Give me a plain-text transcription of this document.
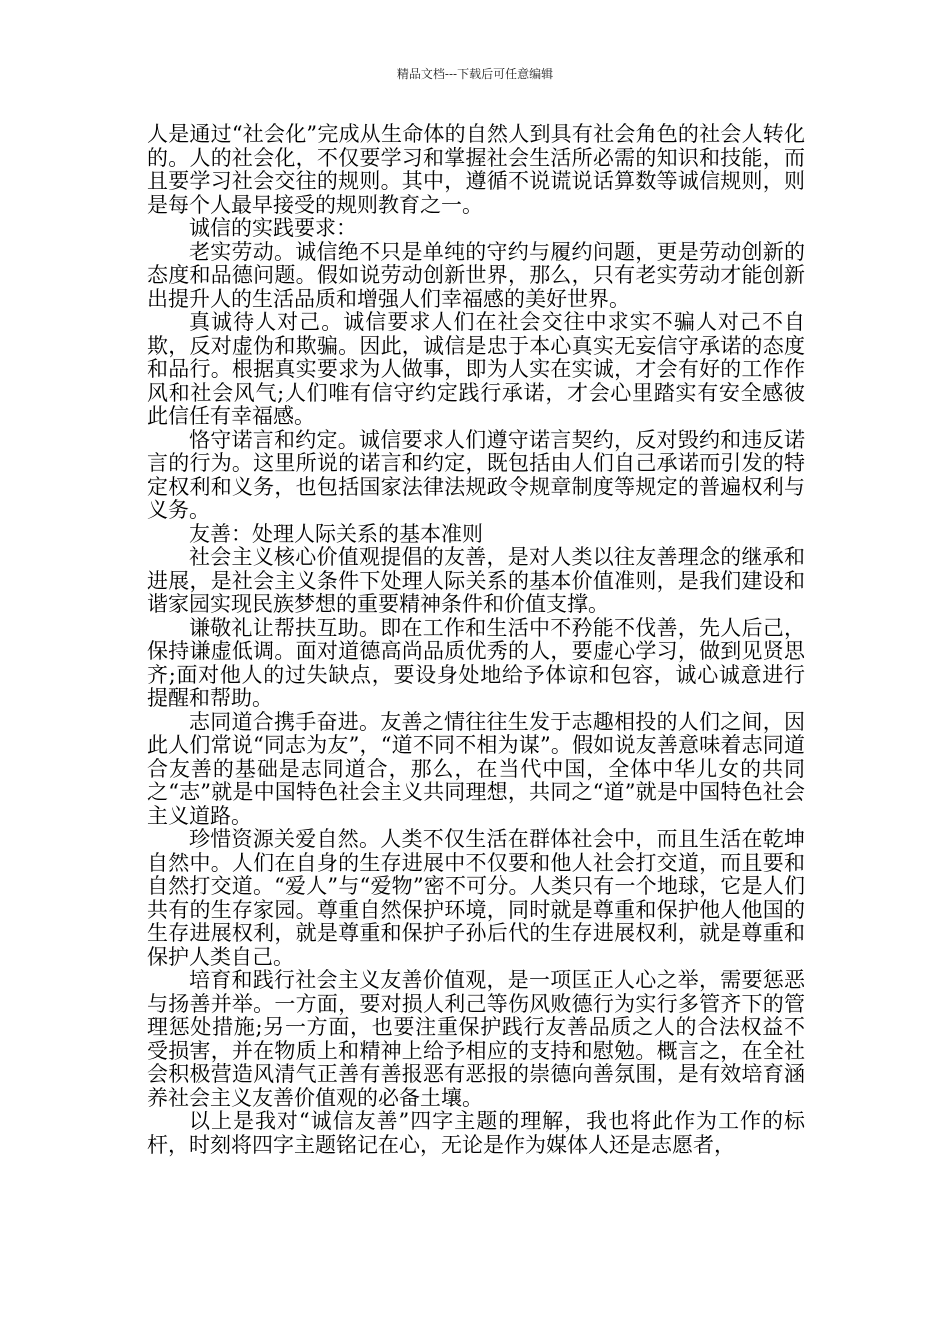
精品文档---下载后可任意编辑

人是通过“社会化”完成从生命体的自然人到具有社会角色的社会人转化的。人的社会化，不仅要学习和掌握社会生活所必需的知识和技能，而且要学习社会交往的规则。其中，遵循不说谎说话算数等诚信规则，则是每个人最早接受的规则教育之一。

诚信的实践要求：

老实劳动。诚信绝不只是单纯的守约与履约问题，更是劳动创新的态度和品德问题。假如说劳动创新世界，那么，只有老实劳动才能创新出提升人的生活品质和增强人们幸福感的美好世界。

真诚待人对己。诚信要求人们在社会交往中求实不骗人对己不自欺，反对虚伪和欺骗。因此，诚信是忠于本心真实无妄信守承诺的态度和品行。根据真实要求为人做事，即为人实在实诚，才会有好的工作作风和社会风气;人们唯有信守约定践行承诺，才会心里踏实有安全感彼此信任有幸福感。

恪守诺言和约定。诚信要求人们遵守诺言契约，反对毁约和违反诺言的行为。这里所说的诺言和约定，既包括由人们自己承诺而引发的特定权利和义务，也包括国家法律法规政令规章制度等规定的普遍权利与义务。

友善：处理人际关系的基本准则

社会主义核心价值观提倡的友善，是对人类以往友善理念的继承和进展，是社会主义条件下处理人际关系的基本价值准则，是我们建设和谐家园实现民族梦想的重要精神条件和价值支撑。

谦敬礼让帮扶互助。即在工作和生活中不矜能不伐善，先人后己，保持谦虚低调。面对道德高尚品质优秀的人，要虚心学习，做到见贤思齐;面对他人的过失缺点，要设身处地给予体谅和包容，诚心诚意进行提醒和帮助。

志同道合携手奋进。友善之情往往生发于志趣相投的人们之间，因此人们常说“同志为友”，“道不同不相为谋”。假如说友善意味着志同道合友善的基础是志同道合，那么，在当代中国，全体中华儿女的共同之“志”就是中国特色社会主义共同理想，共同之“道”就是中国特色社会主义道路。

珍惜资源关爱自然。人类不仅生活在群体社会中，而且生活在乾坤自然中。人们在自身的生存进展中不仅要和他人社会打交道，而且要和自然打交道。“爱人”与“爱物”密不可分。人类只有一个地球，它是人们共有的生存家园。尊重自然保护环境，同时就是尊重和保护他人他国的生存进展权利，就是尊重和保护子孙后代的生存进展权利，就是尊重和保护人类自己。

培育和践行社会主义友善价值观，是一项匡正人心之举，需要惩恶与扬善并举。一方面，要对损人利己等伤风败德行为实行多管齐下的管理惩处措施;另一方面，也要注重保护践行友善品质之人的合法权益不受损害，并在物质上和精神上给予相应的支持和慰勉。概言之，在全社会积极营造风清气正善有善报恶有恶报的崇德向善氛围，是有效培育涵养社会主义友善价值观的必备土壤。

以上是我对“诚信友善”四字主题的理解，我也将此作为工作的标杆，时刻将四字主题铭记在心，无论是作为媒体人还是志愿者，
